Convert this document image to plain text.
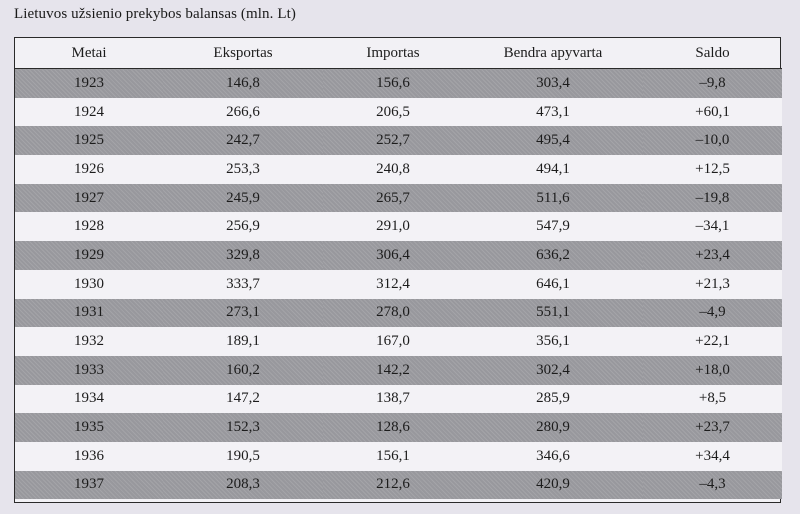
Lietuvos užsienio prekybos balansas (mln. Lt)
Metai	Eksportas	Importas	Bendra apyvarta	Saldo
1923	146,8	156,6	303,4	–9,8
1924	266,6	206,5	473,1	+60,1
1925	242,7	252,7	495,4	–10,0
1926	253,3	240,8	494,1	+12,5
1927	245,9	265,7	511,6	–19,8
1928	256,9	291,0	547,9	–34,1
1929	329,8	306,4	636,2	+23,4
1930	333,7	312,4	646,1	+21,3
1931	273,1	278,0	551,1	–4,9
1932	189,1	167,0	356,1	+22,1
1933	160,2	142,2	302,4	+18,0
1934	147,2	138,7	285,9	+8,5
1935	152,3	128,6	280,9	+23,7
1936	190,5	156,1	346,6	+34,4
1937	208,3	212,6	420,9	–4,3
